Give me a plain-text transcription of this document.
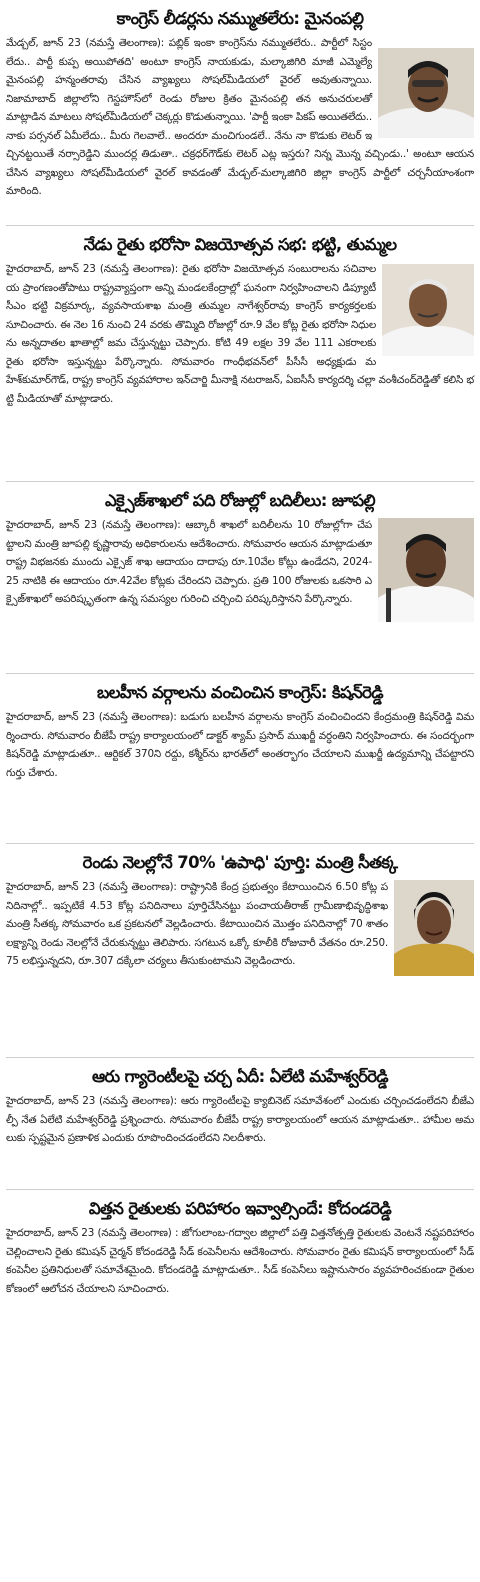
కాంగ్రెస్ లీడర్లను నమ్ముతలేరు: మైనంపల్లి
మేడ్చల్, జూన్ 23 (నమస్తే తెలంగాణ): పబ్లిక్ ఇంకా కాంగ్రెస్‌ను నమ్ముతలేరు.. పార్టీలో సిస్టం లేదు.. పార్టీ కుప్ప అయిపోతది' అంటూ కాంగ్రెస్ నాయకుడు, మల్కాజిగిరి మాజీ ఎమ్మెల్యే మైనంపల్లి హన్మంతరావు చేసిన వ్యాఖ్యలు సోషల్‌మీడియలో వైరల్ అవుతున్నాయి. నిజామాబాద్ జిల్లాలోని గెస్టహౌస్‌లో రెండు రోజుల క్రితం మైనంపల్లి తన అనుచరులతో మాట్లాడిన మాటలు సోషల్‌మీడియలో చెక్కర్లు కొడుతున్నాయి. 'పార్టీ ఇంకా పికప్ అయితలేదు.. నాకు పర్సనల్ ఏమీలేదు.. మీరు గెలవాలే.. అందరూ మంచిగుండలే.. నేను నా కొడుకు లెటర్ ఇచ్చినట్టయితే నర్సారెడ్డిని ముందర్ల తిడుతా.. చక్రధర్‌గౌడ్‌కు లెటర్ ఎట్ల ఇస్తరు? నిన్న మొన్న వచ్చిండు..' అంటూ ఆయన చేసిన వ్యాఖ్యలు సోషల్‌మీడియలో వైరల్ కావడంతో మేడ్చల్-మల్కాజిగిరి జిల్లా కాంగ్రెస్ పార్టీలో చర్చనీయాంశంగా మారింది.
నేడు రైతు భరోసా విజయోత్సవ సభ: భట్టి, తుమ్మల
హైదరాబాద్, జూన్ 23 (నమస్తే తెలంగాణ): రైతు భరోసా విజయోత్సవ సంబురాలను సచివాలయ ప్రాంగణంతోపాటు రాష్ట్రవ్యాప్తంగా అన్ని మండలకేంద్రాల్లో ఘనంగా నిర్వహించాలని డిప్యూటీ సీఎం భట్టి విక్రమార్క, వ్యవసాయశాఖ మంత్రి తుమ్మల నాగేశ్వర్‌రావు కాంగ్రెస్ కార్యకర్తలకు సూచించారు. ఈ నెల 16 నుంచి 24 వరకు తొమ్మిది రోజుల్లో రూ.9 వేల కోట్ల రైతు భరోసా నిధులను అన్నదాతల ఖాతాల్లో జమ చేస్తున్నట్టు చెప్పారు. కోటి 49 లక్షల 39 వేల 111 ఎకరాలకు రైతు భరోసా ఇస్తున్నట్టు పేర్కొన్నారు. సోమవారం గాంధీభవన్‌లో పీసీసీ అధ్యక్షుడు మహేశ్‌కుమార్‌గౌడ్, రాష్ట్ర కాంగ్రెస్ వ్యవహారాల ఇన్‌చార్జి మీనాక్షి నటరాజన్, ఏఐసీసీ కార్యదర్శి చల్లా వంశీచంద్‌రెడ్డితో కలిసి భట్టి మీడియాతో మాట్లాడారు.
ఎక్సైజ్‌శాఖలో పది రోజుల్లో బదిలీలు: జూపల్లి
హైదరాబాద్, జూన్ 23 (నమస్తే తెలంగాణ): ఆబ్కారీ శాఖలో బదిలీలను 10 రోజుల్లోగా చేపట్టాలని మంత్రి జూపల్లి కృష్ణారావు అధికారులను ఆదేశించారు. సోమవారం ఆయన మాట్లాడుతూ రాష్ట్ర విభజనకు ముందు ఎక్సైజ్ శాఖ ఆదాయం దాదాపు రూ.10వేల కోట్లు ఉండేదని, 2024-25 నాటికి ఈ ఆదాయం రూ.42వేల కోట్లకు చేరిందని చెప్పారు. ప్రతి 100 రోజులకు ఒకసారి ఎక్సైజ్‌శాఖలో అపరిష్కృతంగా ఉన్న సమస్యల గురించి చర్చించి పరిష్కరిస్తానని పేర్కొన్నారు.
బలహీన వర్గాలను వంచించిన కాంగ్రెస్: కిషన్‌రెడ్డి
హైదరాబాద్, జూన్ 23 (నమస్తే తెలంగాణ): బడుగు బలహీన వర్గాలను కాంగ్రెస్ వంచించిందని కేంద్రమంత్రి కిషన్‌రెడ్డి విమర్శించారు. సోమవారం బీజేపీ రాష్ట్ర కార్యాలయంలో డాక్టర్ శ్యామ్ ప్రసాద్ ముఖర్జీ వర్ధంతిని నిర్వహించారు. ఈ సందర్భంగా కిషన్‌రెడ్డి మాట్లాడుతూ.. ఆర్టికల్ 370ని రద్దు, కశ్మీర్‌ను భారత్‌లో అంతర్భాగం చేయాలని ముఖర్జీ ఉద్యమాన్ని చేపట్టారని గుర్తు చేశారు.
రెండు నెలల్లోనే 70% 'ఉపాధి' పూర్తి: మంత్రి సీతక్క
హైదరాబాద్, జూన్ 23 (నమస్తే తెలంగాణ): రాష్ట్రానికి కేంద్ర ప్రభుత్వం కేటాయించిన 6.50 కోట్ల పనిదినాల్లో.. ఇప్పటికే 4.53 కోట్ల పనిదినాలు పూర్తిచేసినట్టు పంచాయతీరాజ్ గ్రామీణాభివృద్ధిశాఖ మంత్రి సీతక్క సోమవారం ఒక ప్రకటనలో వెల్లడించారు. కేటాయించిన మొత్తం పనిదినాల్లో 70 శాతం లక్ష్యాన్ని రెండు నెలల్లోనే చేరుకున్నట్టు తెలిపారు. సగటున ఒక్కో కూలీకి రోజువారీ వేతనం రూ.250.75 లభిస్తున్నదని, రూ.307 దక్కేలా చర్యలు తీసుకుంటామని వెల్లడించారు.
ఆరు గ్యారెంటీలపై చర్చ ఏదీ: ఏలేటి మహేశ్వర్‌రెడ్డి
హైదరాబాద్, జూన్ 23 (నమస్తే తెలంగాణ): ఆరు గ్యారెంటీలపై క్యాబినెట్ సమావేశంలో ఎందుకు చర్చించడంలేదని బీజేఎల్పీ నేత ఏలేటి మహేశ్వర్‌రెడ్డి ప్రశ్నించారు. సోమవారం బీజేపీ రాష్ట్ర కార్యాలయంలో ఆయన మాట్లాడుతూ.. హామీల అమలుకు స్పష్టమైన ప్రణాళిక ఎందుకు రూపొందించడంలేదని నిలదీశారు.
విత్తన రైతులకు పరిహారం ఇవ్వాల్సిందే: కోదండరెడ్డి
హైదరాబాద్, జూన్ 23 (నమస్తే తెలంగాణ) : జోగులాంబ-గద్వాల జిల్లాలో పత్తి విత్తనోత్పత్తి రైతులకు వెంటనే నష్టపరిహారం చెల్లించాలని రైతు కమిషన్ చైర్మన్ కోదండరెడ్డి సీడ్ కంపెనీలను ఆదేశించారు. సోమవారం రైతు కమిషన్ కార్యాలయంలో సీడ్ కంపెనీల ప్రతినిధులతో సమావేశమైంది. కోదండరెడ్డి మాట్లాడుతూ.. సీడ్ కంపెనీలు ఇష్టానుసారం వ్యవహరించకుండా రైతుల కోణంలో ఆలోచన చేయాలని సూచించారు.
